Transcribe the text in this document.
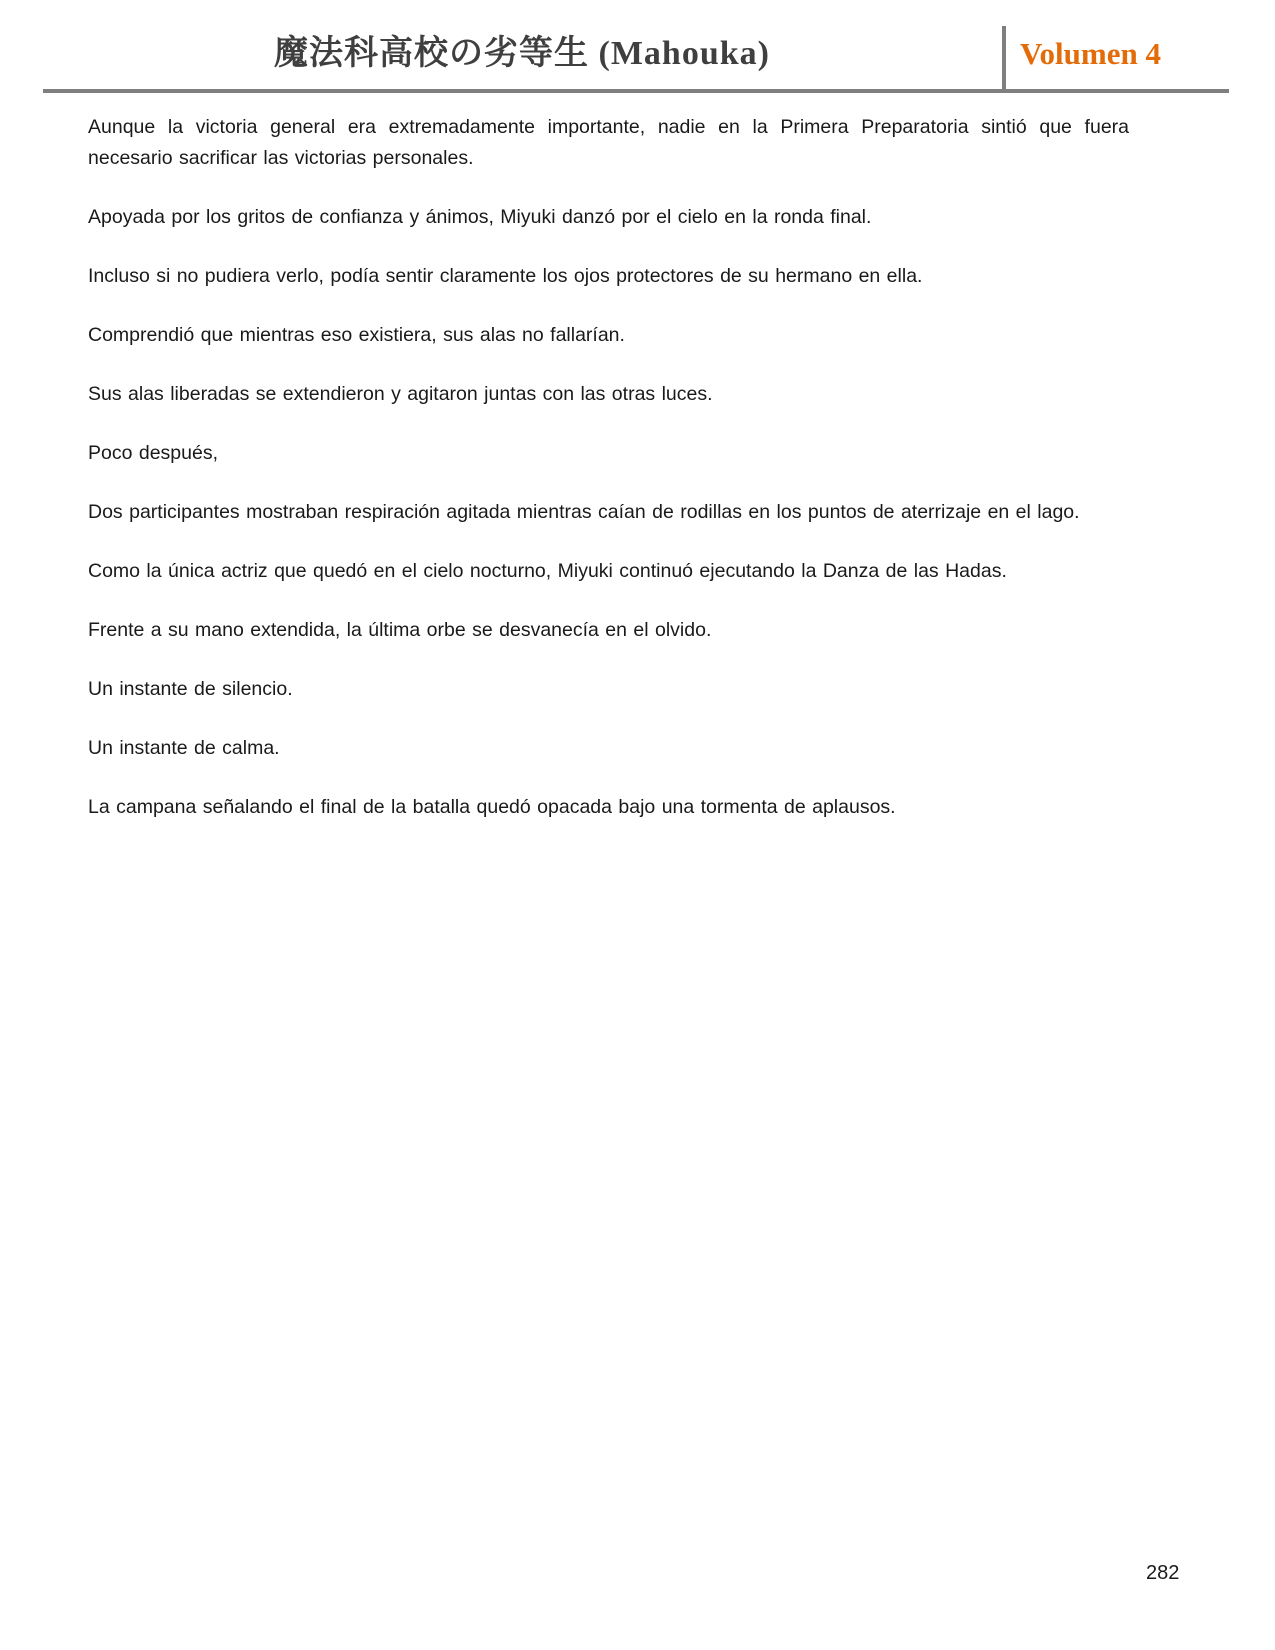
魔法科高校の劣等生 (Mahouka)	Volumen 4

Aunque la victoria general era extremadamente importante, nadie en la Primera Preparatoria sintió que fuera necesario sacrificar las victorias personales.

Apoyada por los gritos de confianza y ánimos, Miyuki danzó por el cielo en la ronda final.

Incluso si no pudiera verlo, podía sentir claramente los ojos protectores de su hermano en ella.

Comprendió que mientras eso existiera, sus alas no fallarían.

Sus alas liberadas se extendieron y agitaron juntas con las otras luces.

Poco después,

Dos participantes mostraban respiración agitada mientras caían de rodillas en los puntos de aterrizaje en el lago.

Como la única actriz que quedó en el cielo nocturno, Miyuki continuó ejecutando la Danza de las Hadas.

Frente a su mano extendida, la última orbe se desvanecía en el olvido.

Un instante de silencio.

Un instante de calma.

La campana señalando el final de la batalla quedó opacada bajo una tormenta de aplausos.

282
